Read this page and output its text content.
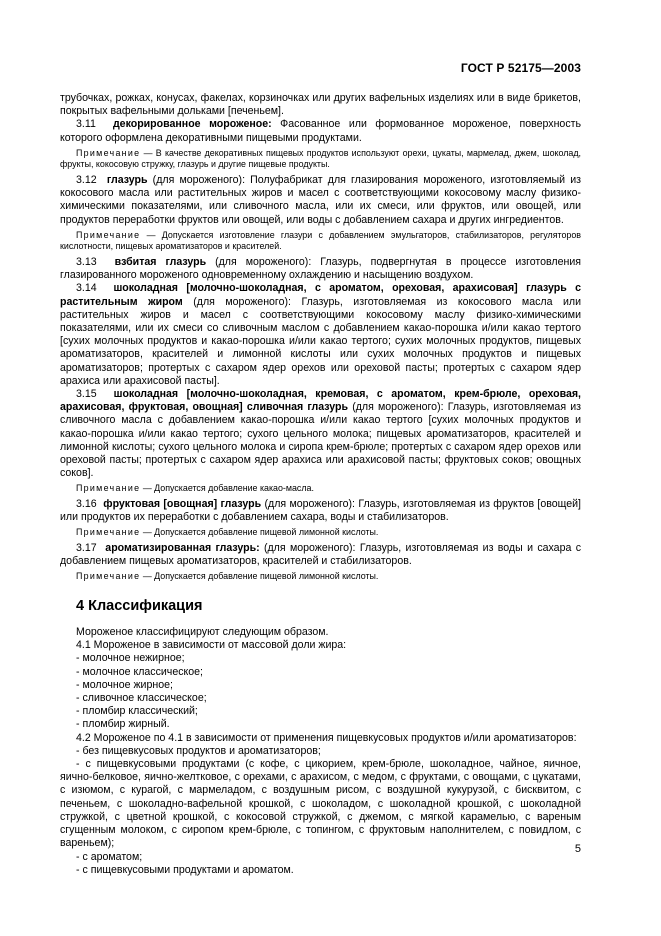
ГОСТ Р 52175—2003

трубочках, рожках, конусах, факелах, корзиночках или других вафельных изделиях или в виде брикетов, покрытых вафельными дольками [печеньем].

3.11 декорированное мороженое: Фасованное или формованное мороженое, поверхность которого оформлена декоративными пищевыми продуктами.

Примечание — В качестве декоративных пищевых продуктов используют орехи, цукаты, мармелад, джем, шоколад, фрукты, кокосовую стружку, глазурь и другие пищевые продукты.

3.12 глазурь (для мороженого): Полуфабрикат для глазирования мороженого, изготовляемый из кокосового масла или растительных жиров и масел с соответствующими кокосовому маслу физико-химическими показателями, или сливочного масла, или их смеси, или фруктов, или овощей, или продуктов переработки фруктов или овощей, или воды с добавлением сахара и других ингредиентов.

Примечание — Допускается изготовление глазури с добавлением эмульгаторов, стабилизаторов, регуляторов кислотности, пищевых ароматизаторов и красителей.

3.13 взбитая глазурь (для мороженого): Глазурь, подвергнутая в процессе изготовления глазированного мороженого одновременному охлаждению и насыщению воздухом.

3.14 шоколадная [молочно-шоколадная, с ароматом, ореховая, арахисовая] глазурь с растительным жиром (для мороженого): Глазурь, изготовляемая из кокосового масла или растительных жиров и масел с соответствующими кокосовому маслу физико-химическими показателями, или их смеси со сливочным маслом с добавлением какао-порошка и/или какао тертого [сухих молочных продуктов и какао-порошка и/или какао тертого; сухих молочных продуктов, пищевых ароматизаторов, красителей и лимонной кислоты или сухих молочных продуктов и пищевых ароматизаторов; протертых с сахаром ядер орехов или ореховой пасты; протертых с сахаром ядер арахиса или арахисовой пасты].

3.15 шоколадная [молочно-шоколадная, кремовая, с ароматом, крем-брюле, ореховая, арахисовая, фруктовая, овощная] сливочная глазурь (для мороженого): Глазурь, изготовляемая из сливочного масла с добавлением какао-порошка и/или какао тертого [сухих молочных продуктов и какао-порошка и/или какао тертого; сухого цельного молока; пищевых ароматизаторов, красителей и лимонной кислоты; сухого цельного молока и сиропа крем-брюле; протертых с сахаром ядер орехов или ореховой пасты; протертых с сахаром ядер арахиса или арахисовой пасты; фруктовых соков; овощных соков].

Примечание — Допускается добавление какао-масла.

3.16 фруктовая [овощная] глазурь (для мороженого): Глазурь, изготовляемая из фруктов [овощей] или продуктов их переработки с добавлением сахара, воды и стабилизаторов.

Примечание — Допускается добавление пищевой лимонной кислоты.

3.17 ароматизированная глазурь: (для мороженого): Глазурь, изготовляемая из воды и сахара с добавлением пищевых ароматизаторов, красителей и стабилизаторов.

Примечание — Допускается добавление пищевой лимонной кислоты.

4 Классификация

Мороженое классифицируют следующим образом.

4.1 Мороженое в зависимости от массовой доли жира:

- молочное нежирное;
- молочное классическое;
- молочное жирное;
- сливочное классическое;
- пломбир классический;
- пломбир жирный.

4.2 Мороженое по 4.1 в зависимости от применения пищевкусовых продуктов и/или ароматизаторов:

- без пищевкусовых продуктов и ароматизаторов;
- с пищевкусовыми продуктами (с кофе, с цикорием, крем-брюле, шоколадное, чайное, яичное, яично-белковое, яично-желтковое, с орехами, с арахисом, с медом, с фруктами, с овощами, с цукатами, с изюмом, с курагой, с мармеладом, с воздушным рисом, с воздушной кукурузой, с бисквитом, с печеньем, с шоколадно-вафельной крошкой, с шоколадом, с шоколадной крошкой, с шоколадной стружкой, с цветной крошкой, с кокосовой стружкой, с джемом, с мягкой карамелью, с вареным сгущенным молоком, с сиропом крем-брюле, с топингом, с фруктовым наполнителем, с повидлом, с вареньем);
- с ароматом;
- с пищевкусовыми продуктами и ароматом.
5
